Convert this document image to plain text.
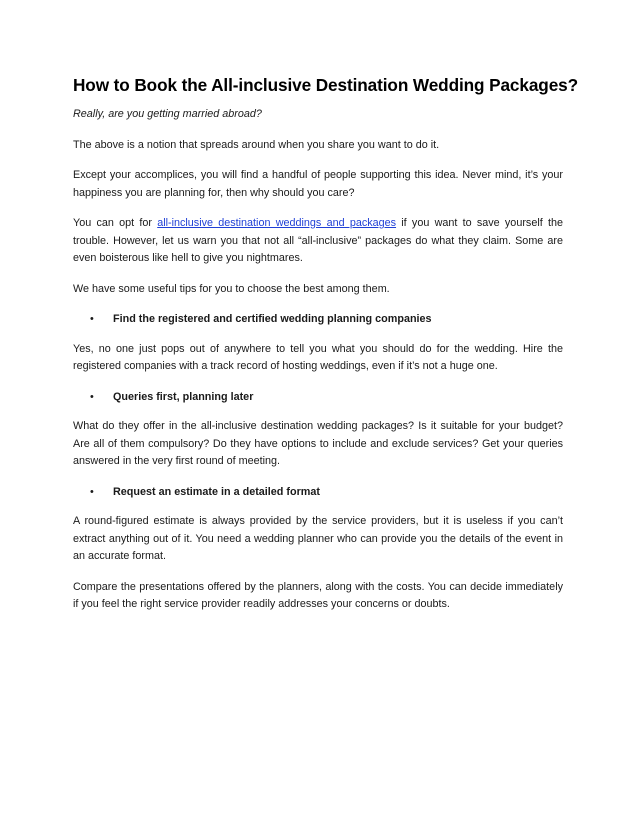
How to Book the All-inclusive Destination Wedding Packages?

Really, are you getting married abroad?

The above is a notion that spreads around when you share you want to do it.

Except your accomplices, you will find a handful of people supporting this idea. Never mind, it’s your happiness you are planning for, then why should you care?

You can opt for all-inclusive destination weddings and packages if you want to save yourself the trouble. However, let us warn you that not all “all-inclusive” packages do what they claim. Some are even boisterous like hell to give you nightmares.

We have some useful tips for you to choose the best among them.

•	Find the registered and certified wedding planning companies

Yes, no one just pops out of anywhere to tell you what you should do for the wedding. Hire the registered companies with a track record of hosting weddings, even if it’s not a huge one.

•	Queries first, planning later

What do they offer in the all-inclusive destination wedding packages? Is it suitable for your budget? Are all of them compulsory? Do they have options to include and exclude services? Get your queries answered in the very first round of meeting.

•	Request an estimate in a detailed format

A round-figured estimate is always provided by the service providers, but it is useless if you can’t extract anything out of it. You need a wedding planner who can provide you the details of the event in an accurate format.

Compare the presentations offered by the planners, along with the costs. You can decide immediately if you feel the right service provider readily addresses your concerns or doubts.
